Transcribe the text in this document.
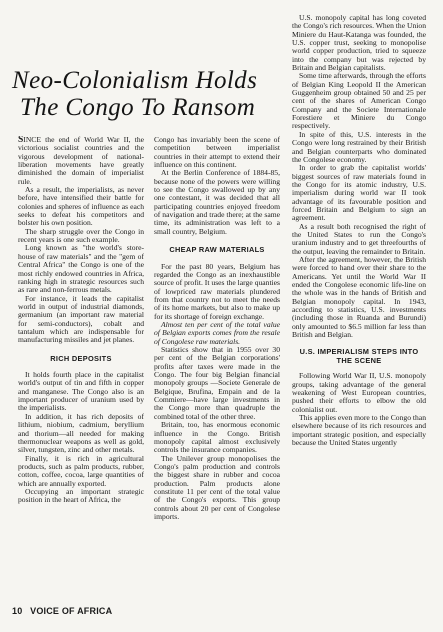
Neo-Colonialism Holds
The Congo To Ransom

SINCE the end of World War II, the victorious socialist countries and the vigorous development of national-liberation movements have greatly diminished the domain of imperialist rule.

As a result, the imperialists, as never before, have intensified their battle for colonies and spheres of influence as each seeks to defeat his competitors and bolster his own position.

The sharp struggle over the Congo in recent years is one such example.

Long known as "the world's store-house of raw materials" and the "gem of Central Africa" the Congo is one of the most richly endowed countries in Africa, ranking high in strategic resources such as rare and non-ferrous metals.

For instance, it leads the capitalist world in output of industrial diamonds, germanium (an important raw material for semi-conductors), cobalt and tantalum which are indispensable for manufacturing missiles and jet planes.

RICH DEPOSITS

It holds fourth place in the capitalist world's output of tin and fifth in copper and manganese. The Congo also is an important producer of uranium used by the imperialists.

In addition, it has rich deposits of lithium, niobium, cadmium, beryllium and thorium—all needed for making thermonuclear weapons as well as gold, silver, tungsten, zinc and other metals.

Finally, it is rich in agricultural products, such as palm products, rubber, cotton, coffee, cocoa, large quantities of which are annually exported.

Occupying an important strategic position in the heart of Africa, the

Congo has invariably been the scene of competition between imperialist countries in their attempt to extend their influence on this continent.

At the Berlin Conference of 1884-85, because none of the powers were willing to see the Congo swallowed up by any one contestant, it was decided that all participating countries enjoyed freedom of navigation and trade there; at the same time, its administration was left to a small country, Belgium.

CHEAP RAW MATERIALS

For the past 80 years, Belgium has regarded the Congo as an inexhaustible source of profit. It uses the large quanties of lowpriced raw materials plundered from that country not to meet the needs of its home markets, but also to make up for its shortage of foreign exchange.

Almost ten per cent of the total value of Belgian exports comes from the resale of Congolese raw materials.

Statistics show that in 1955 over 30 per cent of the Belgian corporations' profits after taxes were made in the Congo. The four big Belgian financial monopoly groups —Societe Generale de Belgique, Brufina, Empain and de la Commiere—have large investments in the Congo more than quadruple the combined total of the other three.

Britain, too, has enormous economic influence in the Congo. British monopoly capital almost exclusively controls the insurance companies.

The Unilever group monopolises the Congo's palm production and controls the biggest share in rubber and cocoa production. Palm products alone constitute 11 per cent of the total value of the Congo's exports. This group controls about 20 per cent of Congolese imports.

U.S. monopoly capital has long coveted the Congo's rich resources. When the Union Miniere du Haut-Katanga was founded, the U.S. copper trust, seeking to monopolise world copper production, tried to squeeze into the company but was rejected by Britain and Belgian capitalists.

Some time afterwards, through the efforts of Belgian King Leopold II the American Guggenheim group obtained 50 and 25 per cent of the shares of American Congo Company and the Societe Internationale Forestiere et Miniere du Congo respectively.

In spite of this, U.S. interests in the Congo were long restrained by their British and Belgian counterparts who dominated the Congolese economy.

In order to grab the capitalist worlds' biggest sources of raw materials found in the Congo for its atomic industry, U.S. imperialism during world war II took advantage of its favourable position and forced Britain and Belgium to sign an agreement.

As a result both recognised the right of the United States to run the Congo's uranium industry and to get threefourths of the output, leaving the remainder to Britain.

After the agreement, however, the British were forced to hand over their share to the Americans. Yet until the World War II ended the Congolese economic life-line on the whole was in the hands of British and Belgian monopoly capital. In 1943, according to statistics, U.S. investments (including those in Ruanda and Burundi) only amounted to $6.5 million far less than British and Belgian.

U.S. IMPERIALISM STEPS INTO THE SCENE

Following World War II, U.S. monopoly groups, taking advantage of the general weakening of West European countries, pushed their efforts to elbow the old colonialist out.

This applies even more to the Congo than elsewhere because of its rich resources and important strategic position, and especially because the United States urgently

10 VOICE OF AFRICA
